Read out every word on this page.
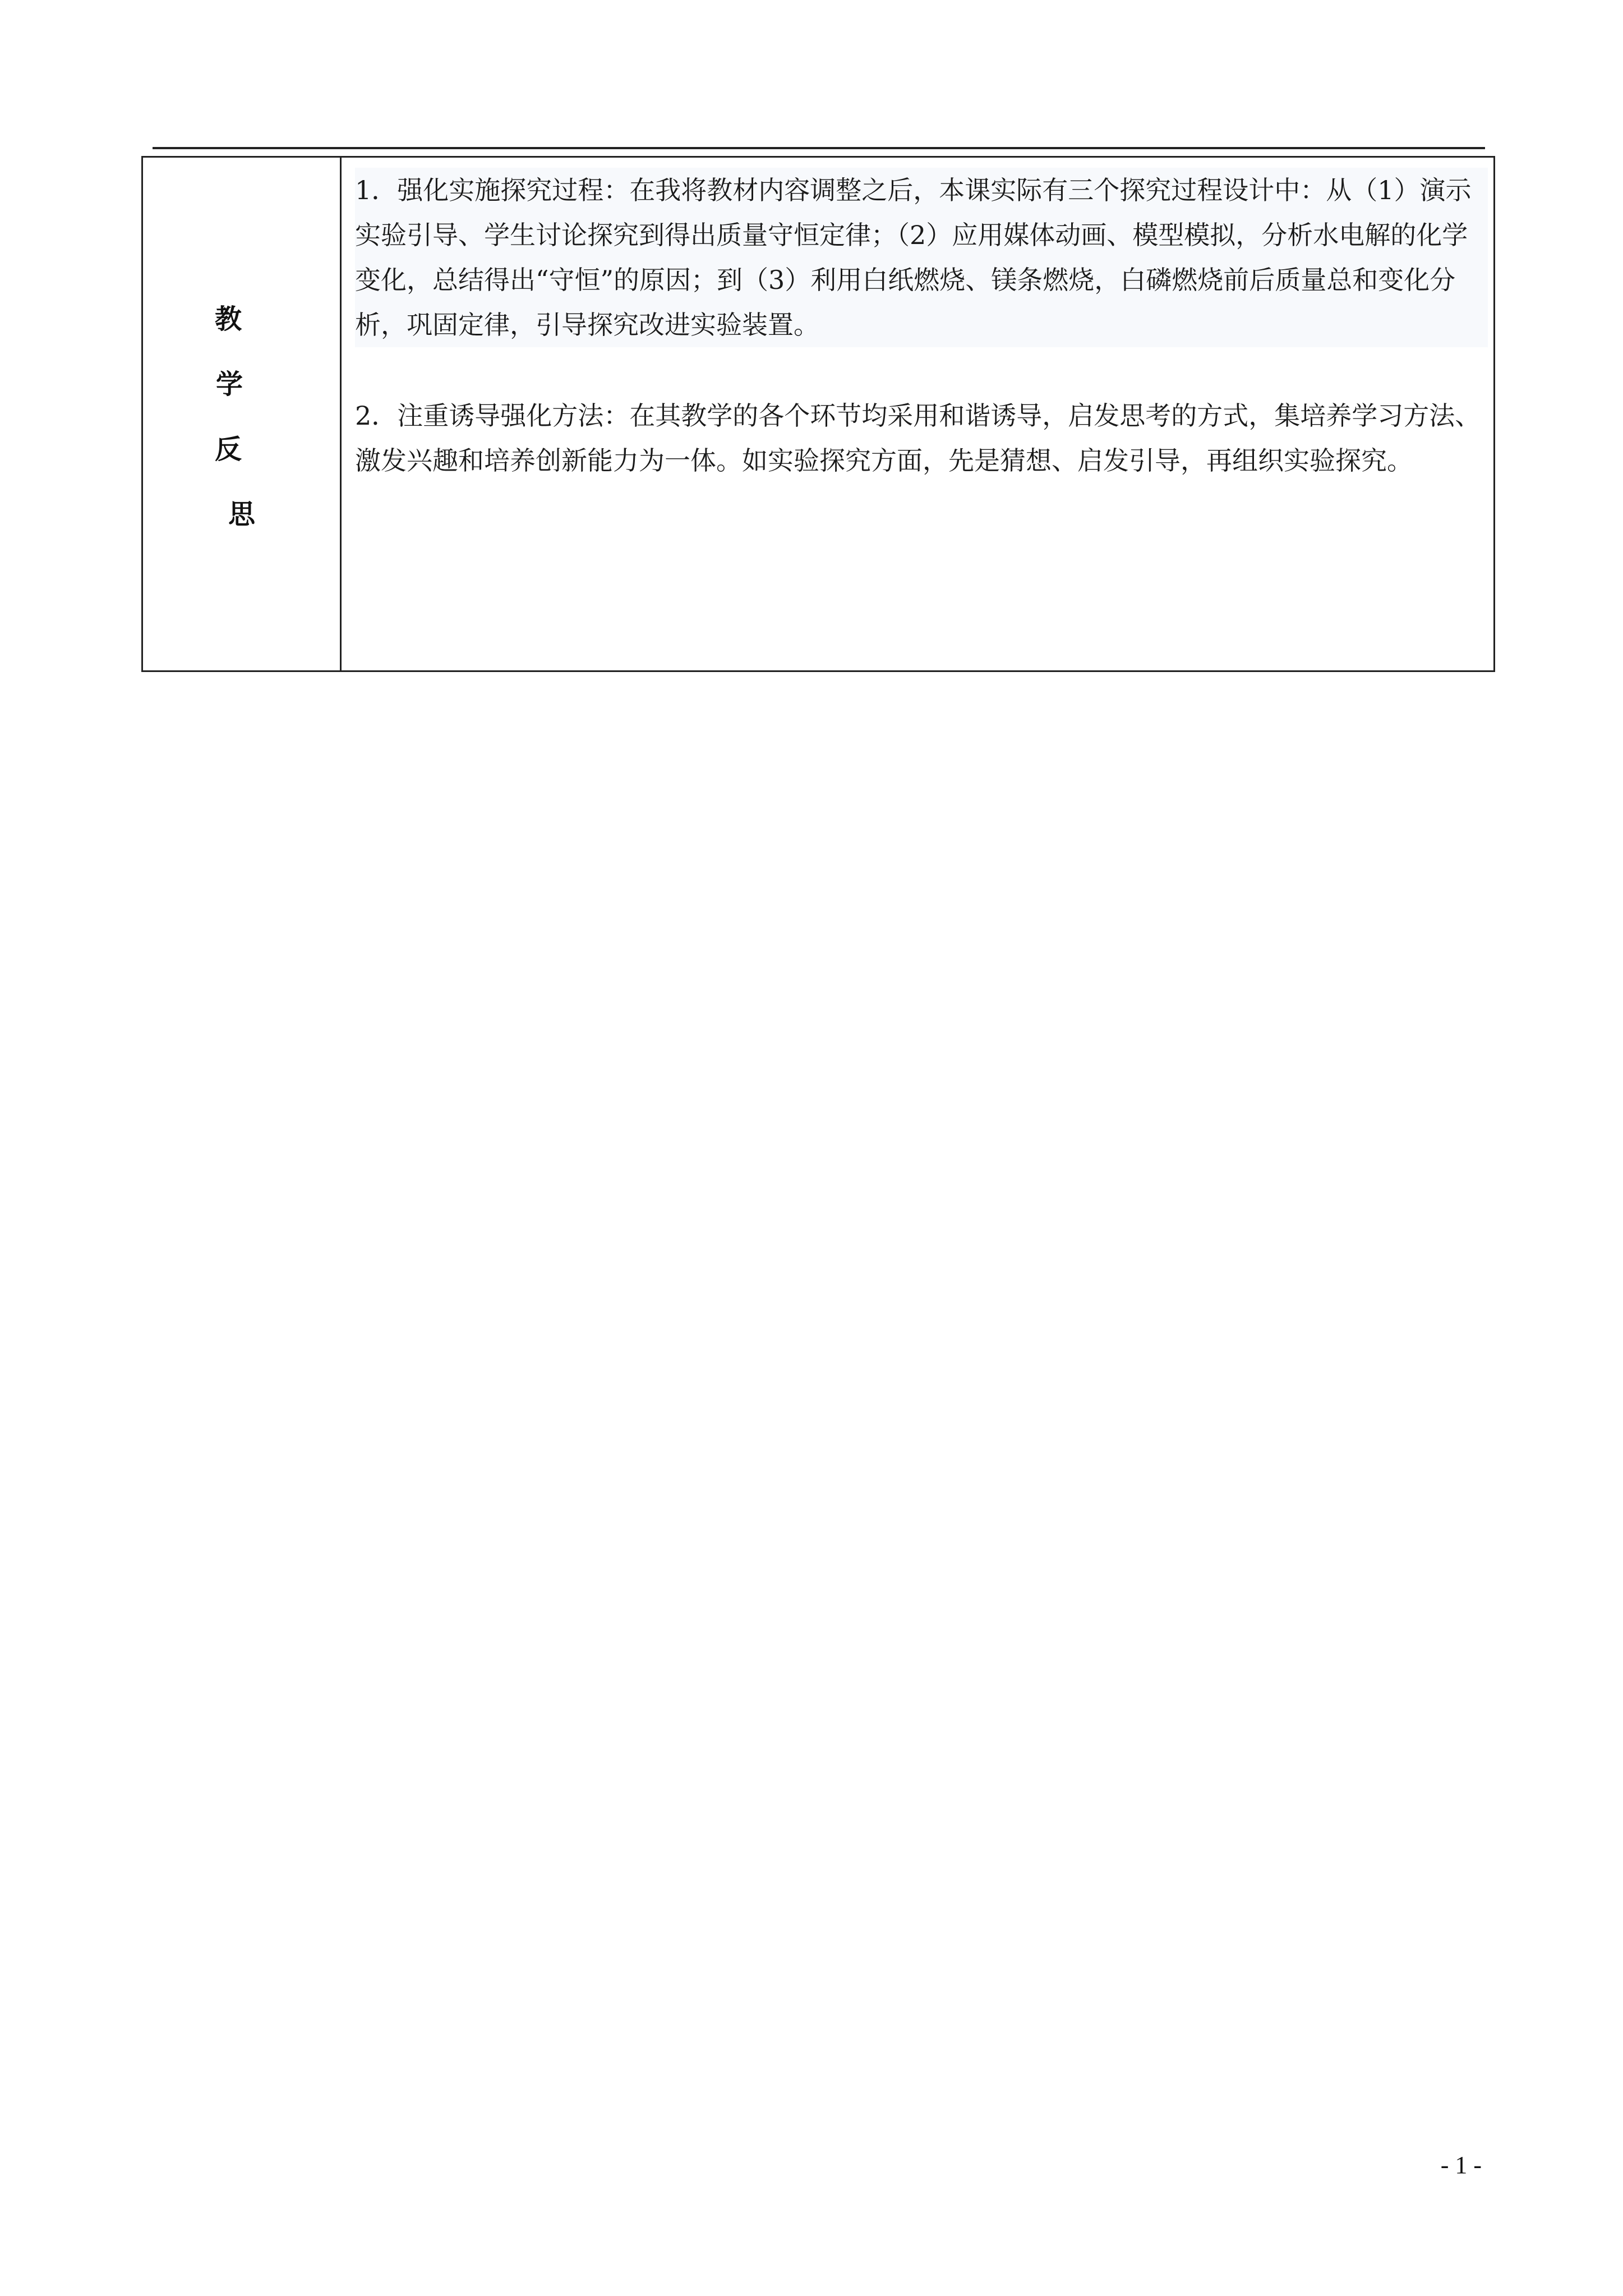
教
学
反
思

1．强化实施探究过程：在我将教材内容调整之后，本课实际有三个探究过程设计中：从（1）演示实验引导、学生讨论探究到得出质量守恒定律；（2）应用媒体动画、模型模拟，分析水电解的化学变化，总结得出“守恒”的原因；到（3）利用白纸燃烧、镁条燃烧，白磷燃烧前后质量总和变化分析，巩固定律，引导探究改进实验装置。

2．注重诱导强化方法：在其教学的各个环节均采用和谐诱导，启发思考的方式，集培养学习方法、激发兴趣和培养创新能力为一体。如实验探究方面，先是猜想、启发引导，再组织实验探究。

- 1 -
